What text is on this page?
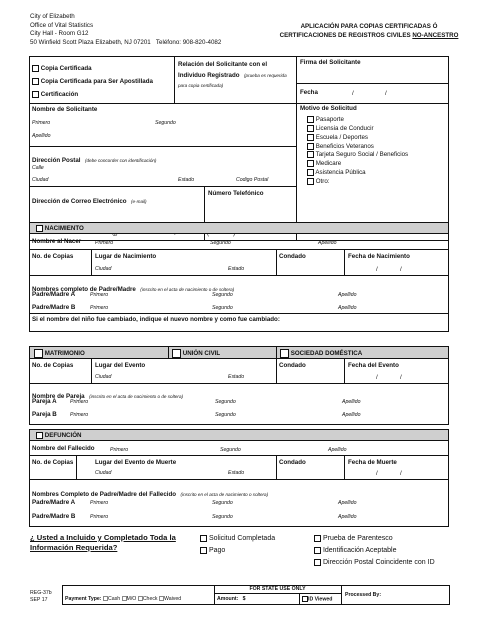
City of Elizabeth
Office of Vital Statistics
City Hall - Room G12
50 Winfield Scott Plaza Elizabeth, NJ 07201 Teléfono: 908-820-4082
APLICACIÓN PARA COPIAS CERTIFICADAS Ó
CERTIFICACIONES DE REGISTROS CIVILES NO-ANCESTRO
Copia Certificada
Copia Certificada para Ser Apostillada
Certificación
Relación del Solicitante con el Individuo Registrado (prueba es requerida para copia certificada)
Firma del Solicitante
Fecha	/	/
Nombre de Solicitante
Primero	Segundo
Apellido
Dirección Postal (debe concorder con identificación)
Calle
Ciudad	Estado	Codigo Postal
Dirección de Correo Electrónico (e-mail)
Número Telefónico
Motivo de Solicitud
Pasaporte
Licensia de Conducir
Escuela / Deportes
Beneficios Veteranos
Tarjeta Seguro Social / Beneficios
Medicare
Asistencia Pública
Otro:
NACIMIENTO
Nombre al Nacer	Primero	Segundo	Apellido
No. de Copias	Lugar de Nacimiento
Ciudad	Estado
Condado	Fecha de Nacimiento
/	/
Nombres completo de Padre/Madre (inscrito en el acta de nacimiento o de soltera)
Padre/Madre A	Primero	Segundo	Apellido
Padre/Madre B	Primero	Segundo	Apellido
Si el nombre del niño fue cambiado, indique el nuevo nombre y como fue cambiado:
MATRIMONIO	UNIÓN CIVIL	SOCIEDAD DOMÉSTICA
No. de Copias	Lugar del Evento
Ciudad	Estado
Condado	Fecha del Evento
/	/
Nombre de Pareja (inscrito en el acta de nacimiento o de soltera)
Pareja A	Primero	Segundo	Apellido
Pareja B	Primero	Segundo	Apellido
DEFUNCIÓN
Nombre del Fallecido	Primero	Segundo	Apellido
No. de Copias	Lugar del Evento de Muerte
Ciudad	Estado
Condado	Fecha de Muerte
/	/
Nombres Completo de Padre/Madre del Fallecido (inscrito en el acta de nacimiento o soltera)
Padre/Madre A	Primero	Segundo	Apellido
Padre/Madre B	Primero	Segundo	Apellido
¿ Usted a Incluido y Completado Toda la
Información Requerida?
Solicitud Completada
Pago
Prueba de Parentesco
Identificación Aceptable
Dirección Postal Coincidente con ID
REG-37b
SEP 17
FOR STATE USE ONLY
Payment Type: Cash M/O Check Waived	Amount: $	ID Viewed
Processed By:
